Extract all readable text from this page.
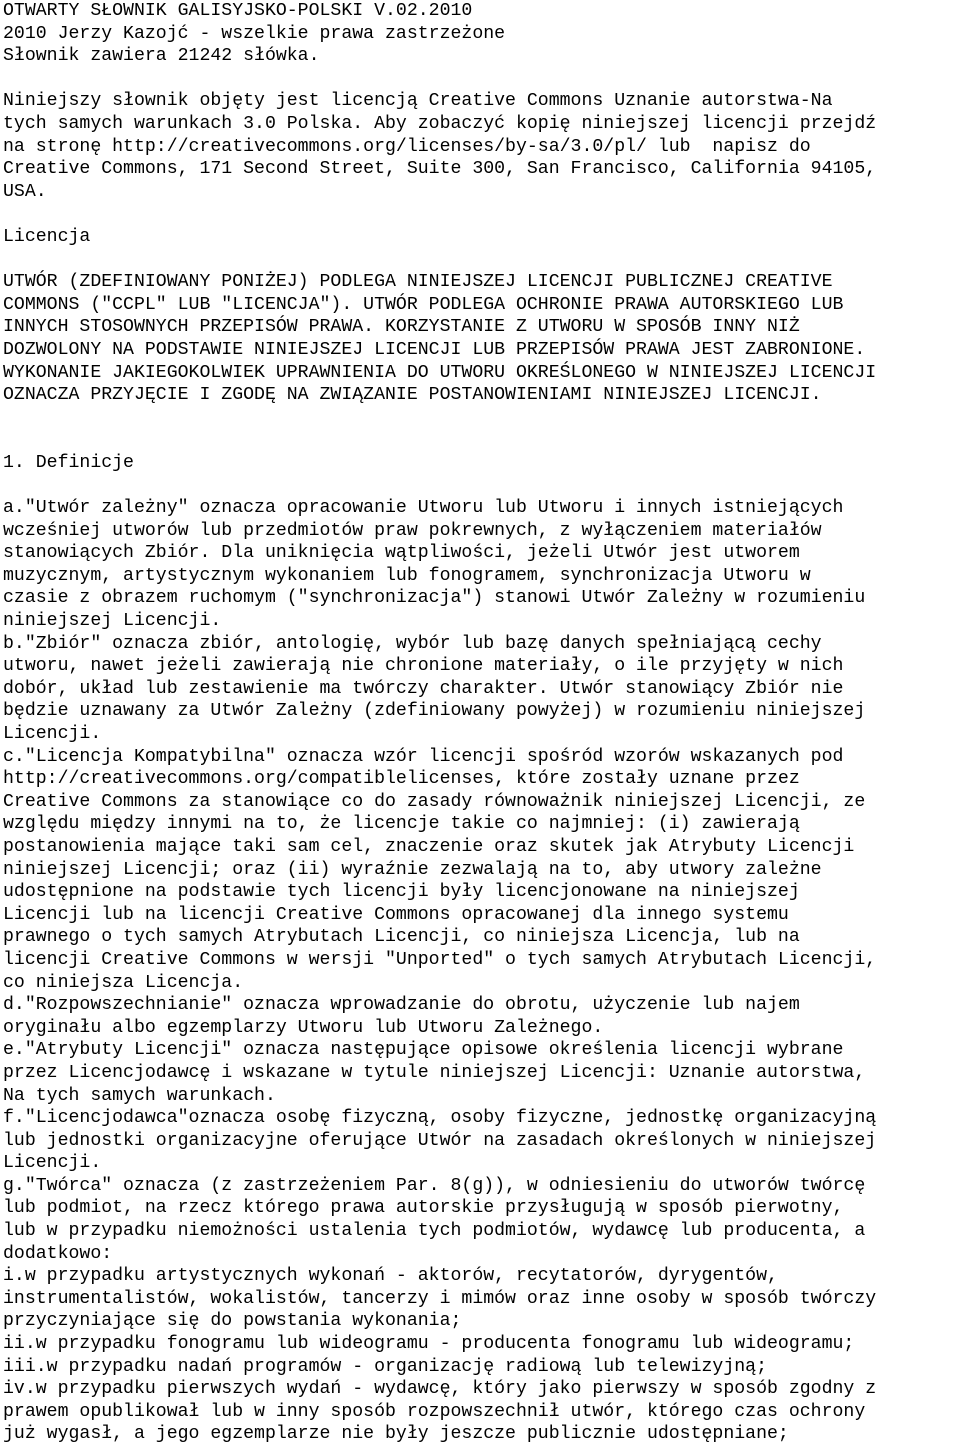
OTWARTY SŁOWNIK GALISYJSKO-POLSKI V.02.2010
2010 Jerzy Kazojć - wszelkie prawa zastrzeżone
Słownik zawiera 21242 słówka.
Niniejszy słownik objęty jest licencją Creative Commons Uznanie autorstwa-Na
tych samych warunkach 3.0 Polska. Aby zobaczyć kopię niniejszej licencji przejdź
na stronę http://creativecommons.org/licenses/by-sa/3.0/pl/ lub  napisz do
Creative Commons, 171 Second Street, Suite 300, San Francisco, California 94105,
USA.
Licencja
UTWÓR (ZDEFINIOWANY PONIŻEJ) PODLEGA NINIEJSZEJ LICENCJI PUBLICZNEJ CREATIVE
COMMONS ("CCPL" LUB "LICENCJA"). UTWÓR PODLEGA OCHRONIE PRAWA AUTORSKIEGO LUB
INNYCH STOSOWNYCH PRZEPISÓW PRAWA. KORZYSTANIE Z UTWORU W SPOSÓB INNY NIŻ
DOZWOLONY NA PODSTAWIE NINIEJSZEJ LICENCJI LUB PRZEPISÓW PRAWA JEST ZABRONIONE.
WYKONANIE JAKIEGOKOLWIEK UPRAWNIENIA DO UTWORU OKREŚLONEGO W NINIEJSZEJ LICENCJI
OZNACZA PRZYJĘCIE I ZGODĘ NA ZWIĄZANIE POSTANOWIENIAMI NINIEJSZEJ LICENCJI.
1. Definicje
a."Utwór zależny" oznacza opracowanie Utworu lub Utworu i innych istniejących
wcześniej utworów lub przedmiotów praw pokrewnych, z wyłączeniem materiałów
stanowiących Zbiór. Dla uniknięcia wątpliwości, jeżeli Utwór jest utworem
muzycznym, artystycznym wykonaniem lub fonogramem, synchronizacja Utworu w
czasie z obrazem ruchomym ("synchronizacja") stanowi Utwór Zależny w rozumieniu
niniejszej Licencji.
b."Zbiór" oznacza zbiór, antologię, wybór lub bazę danych spełniającą cechy
utworu, nawet jeżeli zawierają nie chronione materiały, o ile przyjęty w nich
dobór, układ lub zestawienie ma twórczy charakter. Utwór stanowiący Zbiór nie
będzie uznawany za Utwór Zależny (zdefiniowany powyżej) w rozumieniu niniejszej
Licencji.
c."Licencja Kompatybilna" oznacza wzór licencji spośród wzorów wskazanych pod
http://creativecommons.org/compatiblelicenses, które zostały uznane przez
Creative Commons za stanowiące co do zasady równoważnik niniejszej Licencji, ze
względu między innymi na to, że licencje takie co najmniej: (i) zawierają
postanowienia mające taki sam cel, znaczenie oraz skutek jak Atrybuty Licencji
niniejszej Licencji; oraz (ii) wyraźnie zezwalają na to, aby utwory zależne
udostępnione na podstawie tych licencji były licencjonowane na niniejszej
Licencji lub na licencji Creative Commons opracowanej dla innego systemu
prawnego o tych samych Atrybutach Licencji, co niniejsza Licencja, lub na
licencji Creative Commons w wersji "Unported" o tych samych Atrybutach Licencji,
co niniejsza Licencja.
d."Rozpowszechnianie" oznacza wprowadzanie do obrotu, użyczenie lub najem
oryginału albo egzemplarzy Utworu lub Utworu Zależnego.
e."Atrybuty Licencji" oznacza następujące opisowe określenia licencji wybrane
przez Licencjodawcę i wskazane w tytule niniejszej Licencji: Uznanie autorstwa,
Na tych samych warunkach.
f."Licencjodawca"oznacza osobę fizyczną, osoby fizyczne, jednostkę organizacyjną
lub jednostki organizacyjne oferujące Utwór na zasadach określonych w niniejszej
Licencji.
g."Twórca" oznacza (z zastrzeżeniem Par. 8(g)), w odniesieniu do utworów twórcę
lub podmiot, na rzecz którego prawa autorskie przysługują w sposób pierwotny,
lub w przypadku niemożności ustalenia tych podmiotów, wydawcę lub producenta, a
dodatkowo:
i.w przypadku artystycznych wykonań - aktorów, recytatorów, dyrygentów,
instrumentalistów, wokalistów, tancerzy i mimów oraz inne osoby w sposób twórczy
przyczyniające się do powstania wykonania;
ii.w przypadku fonogramu lub wideogramu - producenta fonogramu lub wideogramu;
iii.w przypadku nadań programów - organizację radiową lub telewizyjną;
iv.w przypadku pierwszych wydań - wydawcę, który jako pierwszy w sposób zgodny z
prawem opublikował lub w inny sposób rozpowszechnił utwór, którego czas ochrony
już wygasł, a jego egzemplarze nie były jeszcze publicznie udostępniane;
